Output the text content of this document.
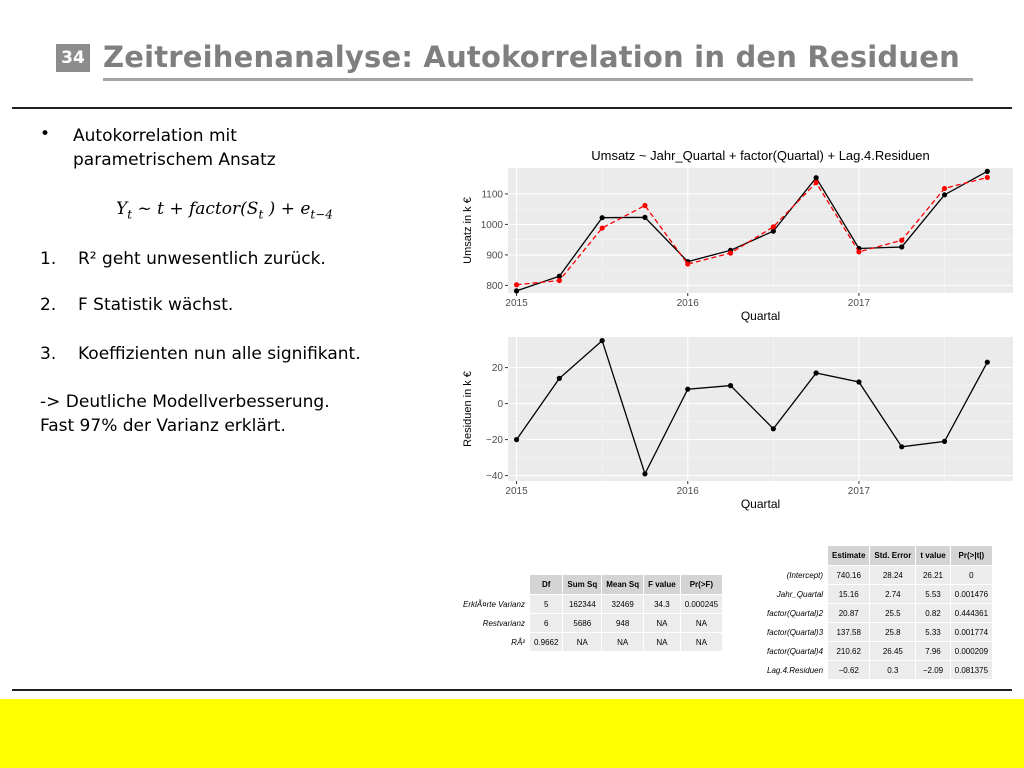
34 Zeitreihenanalyse: Autokorrelation in den Residuen
• Autokorrelation mit
parametrischem Ansatz
$Y_t$ ~ $t + factor(S_t$ ) + $e_{t-4}$
1. R² geht unwesentlich zurück.
2. F Statistik wächst.
3. Koeffizienten nun alle signifikant.
-> Deutliche Modellverbesserung.
Fast 97% der Varianz erklärt.
Umsatz ~ Jahr_Quartal + factor(Quartal) + Lag.4.Residuen
800
900
1000
1100
2015	2016	2017
Quartal
Umsatz in k €
−40
−20
0
20
2015	2016	2017
Quartal
Residuen in k €
	Df	Sum Sq	Mean Sq	F value	Pr(>F)
ErklÃ¤rte Varianz	5	162344	32469	34.3	0.000245
Restvarianz	6	5686	948	NA	NA
RÂ²	0.9662	NA	NA	NA	NA
	Estimate	Std. Error	t value	Pr(>|t|)
(Intercept)	740.16	28.24	26.21	0
Jahr_Quartal	15.16	2.74	5.53	0.001476
factor(Quartal)2	20.87	25.5	0.82	0.444361
factor(Quartal)3	137.58	25.8	5.33	0.001774
factor(Quartal)4	210.62	26.45	7.96	0.000209
Lag.4.Residuen	−0.62	0.3	−2.09	0.081375
